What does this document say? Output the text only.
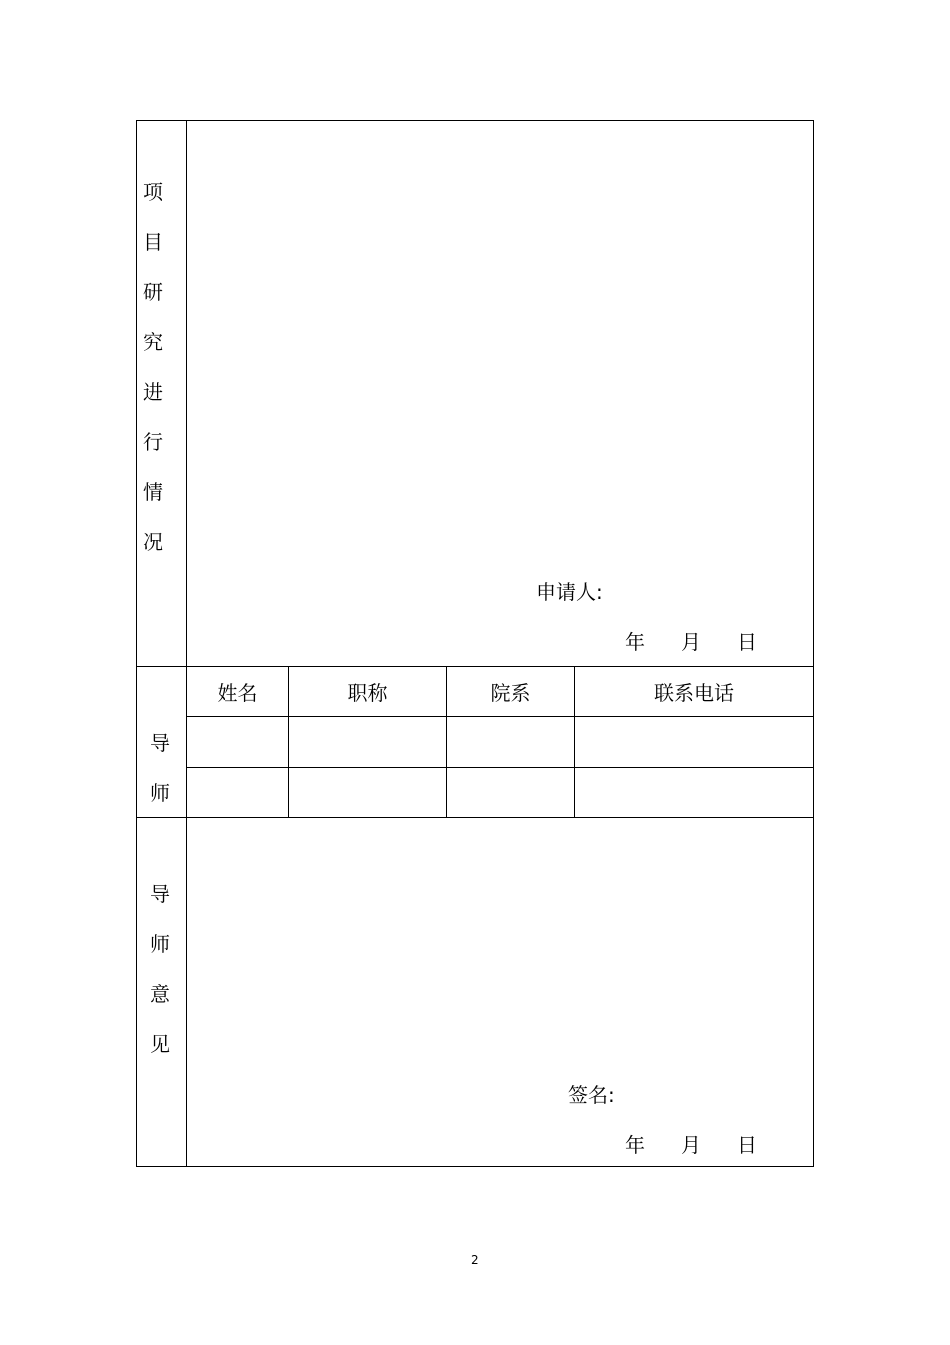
项
目
研
究
进
行
情
况
申请人:
年 月 日
导
师
姓名	职称	院系	联系电话
导
师
意
见
签名:
年 月 日
2
